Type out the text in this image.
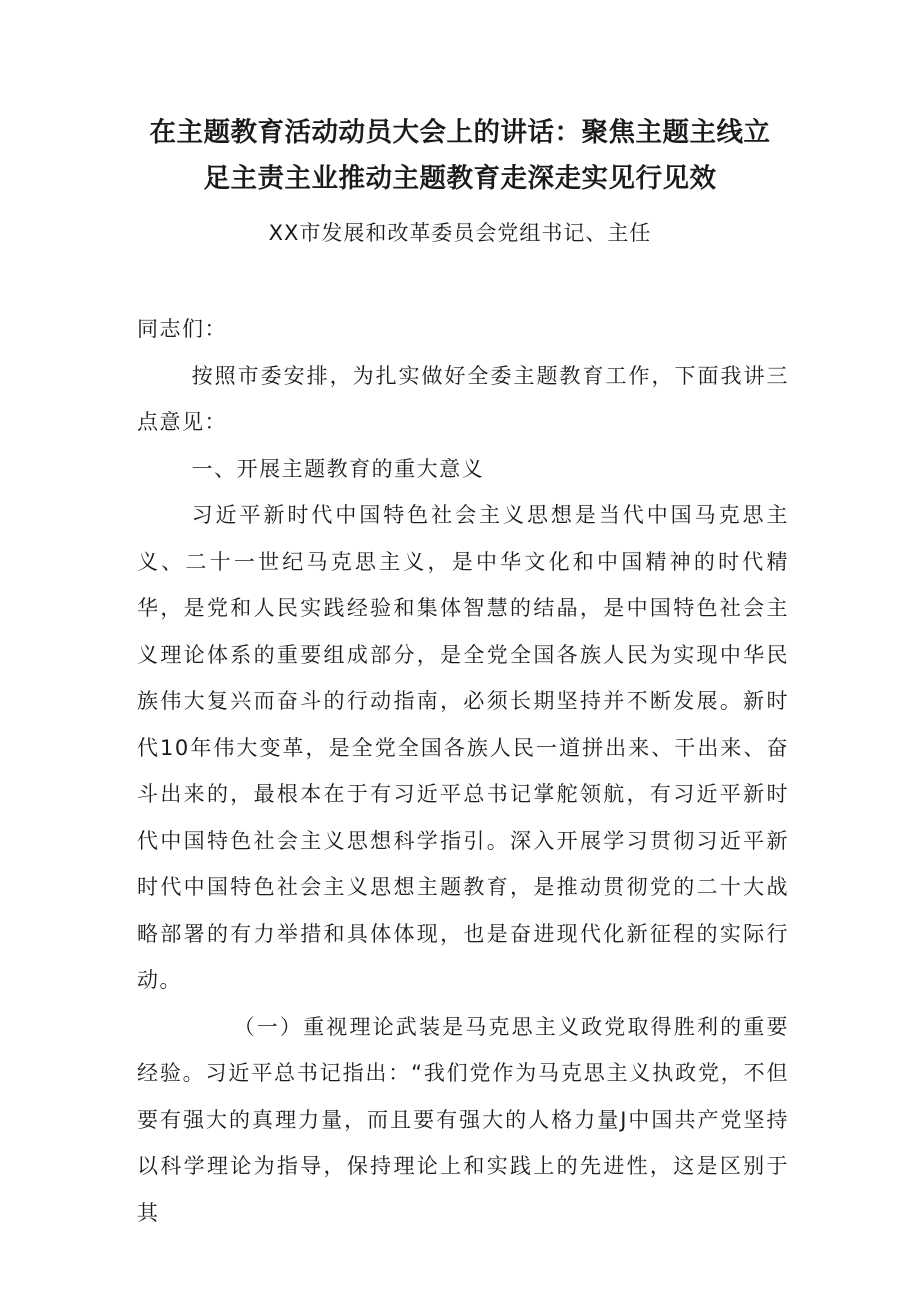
在主题教育活动动员大会上的讲话：聚焦主题主线立
足主责主业推动主题教育走深走实见行见效

XX市发展和改革委员会党组书记、主任

同志们：

按照市委安排，为扎实做好全委主题教育工作，下面我讲三点意见：

一、开展主题教育的重大意义

习近平新时代中国特色社会主义思想是当代中国马克思主义、二十一世纪马克思主义，是中华文化和中国精神的时代精华，是党和人民实践经验和集体智慧的结晶，是中国特色社会主义理论体系的重要组成部分，是全党全国各族人民为实现中华民族伟大复兴而奋斗的行动指南，必须长期坚持并不断发展。新时代10年伟大变革，是全党全国各族人民一道拼出来、干出来、奋斗出来的，最根本在于有习近平总书记掌舵领航，有习近平新时代中国特色社会主义思想科学指引。深入开展学习贯彻习近平新时代中国特色社会主义思想主题教育，是推动贯彻党的二十大战略部署的有力举措和具体体现，也是奋进现代化新征程的实际行动。

（一）重视理论武装是马克思主义政党取得胜利的重要经验。习近平总书记指出：“我们党作为马克思主义执政党，不但要有强大的真理力量，而且要有强大的人格力量J中国共产党坚持以科学理论为指导，保持理论上和实践上的先进性，这是区别于其
